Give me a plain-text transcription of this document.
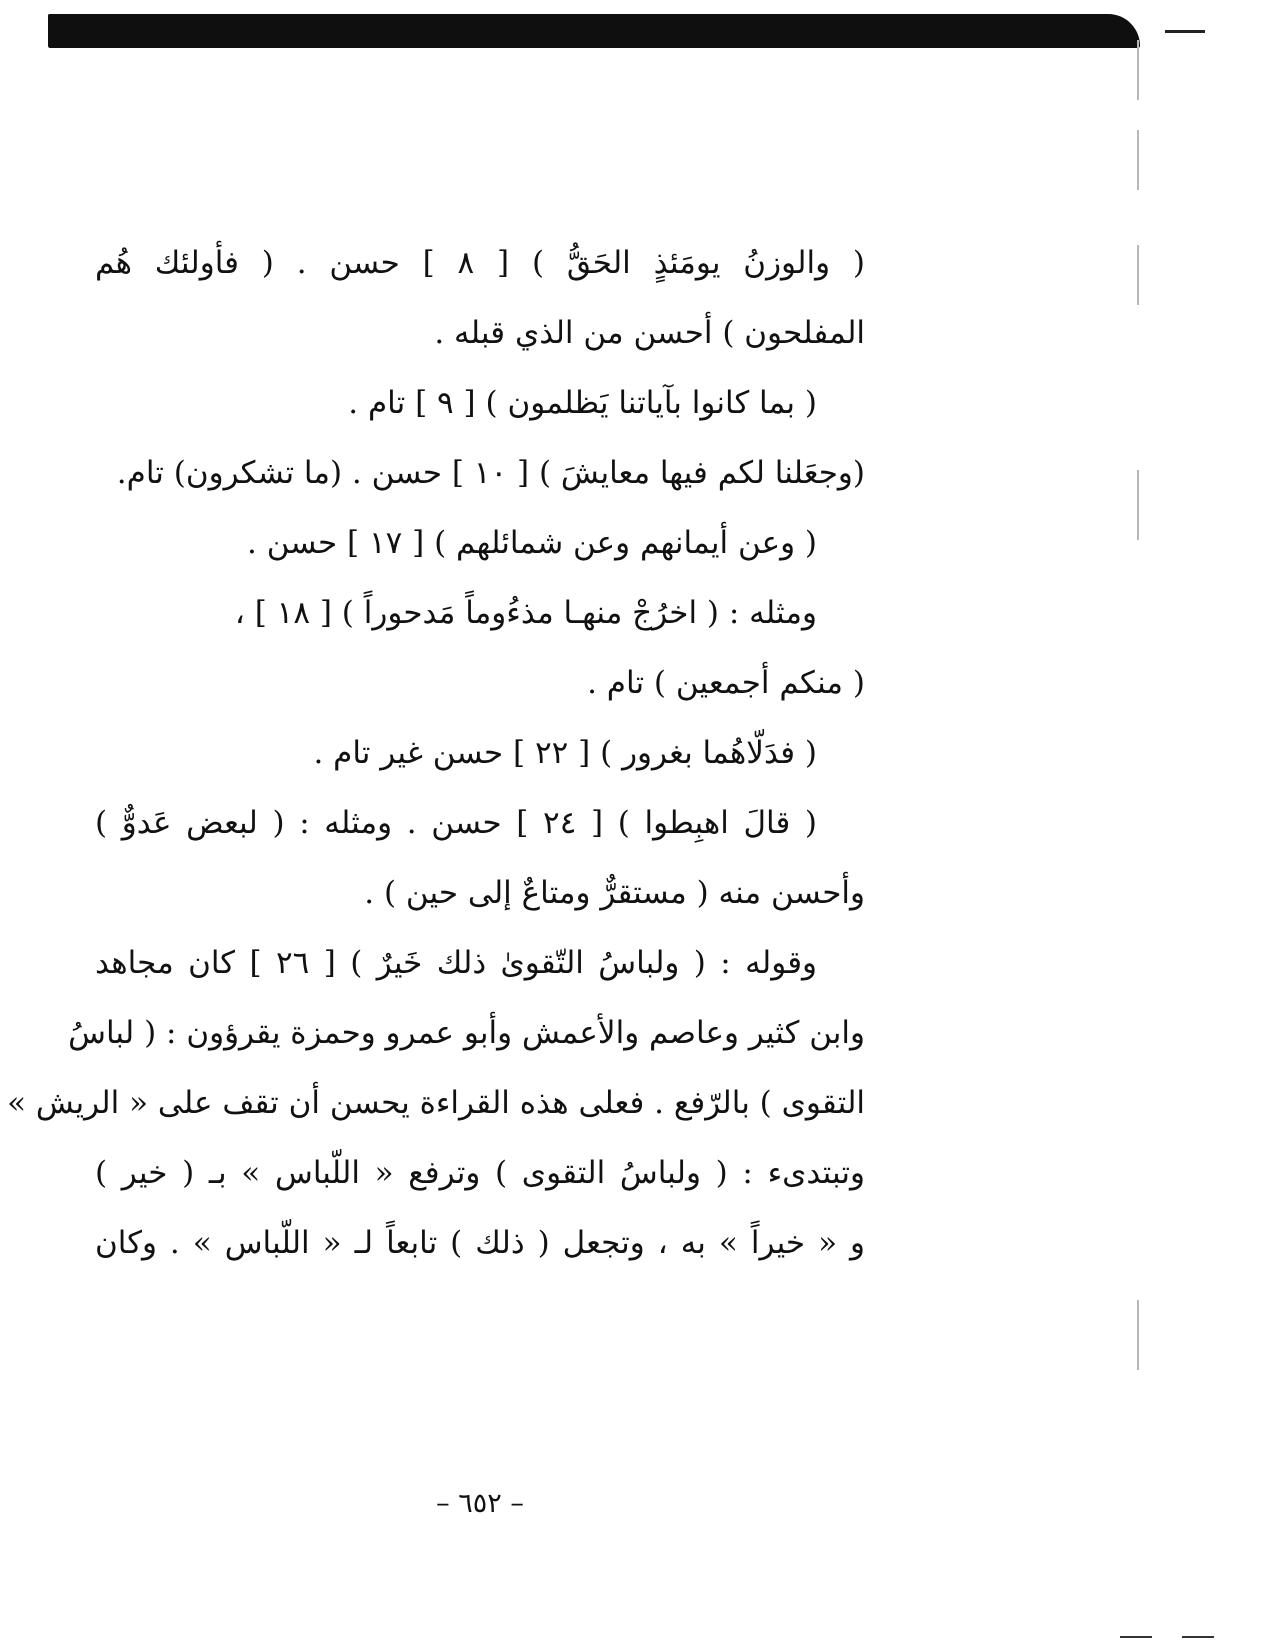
( والوزنُ يومَئذٍ الحَقُّ ) [ ٨ ] حسن . ( فأولئك هُم
المفلحون ) أحسن من الذي قبله .
( بما كانوا بآياتنا يَظلمون ) [ ٩ ] تام .
(وجعَلنا لكم فيها معايشَ ) [ ١٠ ] حسن . (ما تشكرون) تام.
( وعن أيمانهم وعن شمائلهم ) [ ١٧ ] حسن .
ومثله : ( اخرُجْ منهـا مذءُوماً مَدحوراً ) [ ١٨ ] ،
( منكم أجمعين ) تام .
( فدَلّاهُما بغرور ) [ ٢٢ ] حسن غير تام .
( قالَ اهبِطوا ) [ ٢٤ ] حسن . ومثله : ( لبعض عَدوٌّ )
وأحسن منه ( مستقرٌّ ومتاعٌ إلى حين ) .
وقوله : ( ولباسُ التّقوىٰ ذلك خَيرٌ ) [ ٢٦ ] كان مجاهد
وابن كثير وعاصم والأعمش وأبو عمرو وحمزة يقرؤون : ( لباسُ
التقوى ) بالرّفع . فعلى هذه القراءة يحسن أن تقف على « الريش »
وتبتدىء : ( ولباسُ التقوى ) وترفع « اللّباس » بـ ( خير )
و « خيراً » به ، وتجعل ( ذلك ) تابعاً لـ « اللّباس » . وكان
– ٦٥٢ –
